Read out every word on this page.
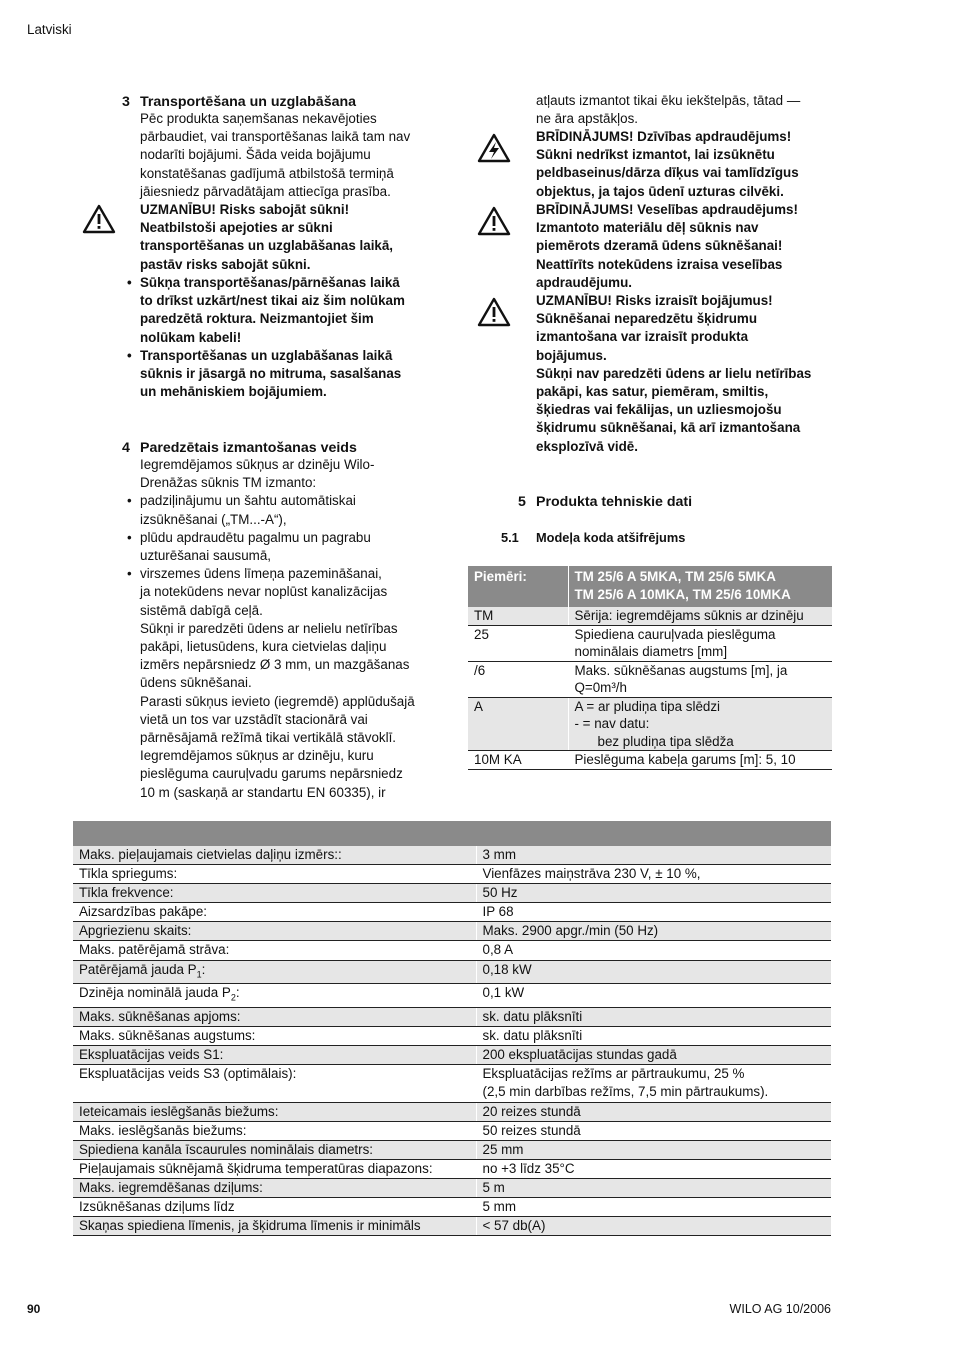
Latviski
3 Transportēšana un uzglabāšana
Pēc produkta saņemšanas nekavējoties
pārbaudiet, vai transportēšanas laikā tam nav
nodarīti bojājumi. Šāda veida bojājumu
konstatēšanas gadījumā atbilstošā termiņā
jāiesniedz pārvadātājam attiecīga prasība.
UZMANĪBU! Risks sabojāt sūkni!
Neatbilstoši apejoties ar sūkni
transportēšanas un uzglabāšanas laikā,
pastāv risks sabojāt sūkni.
• Sūkņa transportēšanas/pārnēšanas laikā
to drīkst uzkārt/nest tikai aiz šim nolūkam
paredzētā roktura. Neizmantojiet šim
nolūkam kabeli!
• Transportēšanas un uzglabāšanas laikā
sūknis ir jāsargā no mitruma, sasalšanas
un mehāniskiem bojājumiem.
4 Paredzētais izmantošanas veids
Iegremdējamos sūkņus ar dzinēju Wilo-
Drenāžas sūknis TM izmanto:
• padziļinājumu un šahtu automātiskai
izsūknēšanai („TM...-A“),
• plūdu apdraudētu pagalmu un pagrabu
uzturēšanai sausumā,
• virszemes ūdens līmeņa pazemināšanai,
ja notekūdens nevar noplūst kanalizācijas
sistēmā dabīgā ceļā.
Sūkņi ir paredzēti ūdens ar nelielu netīrības
pakāpi, lietusūdens, kura cietvielas daļiņu
izmērs nepārsniedz Ø 3 mm, un mazgāšanas
ūdens sūknēšanai.
Parasti sūkņus ievieto (iegremdē) applūdušajā
vietā un tos var uzstādīt stacionārā vai
pārnēsājamā režīmā tikai vertikālā stāvoklī.
Iegremdējamos sūkņus ar dzinēju, kuru
pieslēguma cauruļvadu garums nepārsniedz
10 m (saskaņā ar standartu EN 60335), ir
atļauts izmantot tikai ēku iekštelpās, tātad —
ne āra apstākļos.
BRĪDINĀJUMS! Dzīvības apdraudējums!
Sūkni nedrīkst izmantot, lai izsūknētu
peldbaseinus/dārza dīķus vai tamlīdzīgus
objektus, ja tajos ūdenī uzturas cilvēki.
BRĪDINĀJUMS! Veselības apdraudējums!
Izmantoto materiālu dēļ sūknis nav
piemērots dzeramā ūdens sūknēšanai!
Neattīrīts notekūdens izraisa veselības
apdraudējumu.
UZMANĪBU! Risks izraisīt bojājumus!
Sūknēšanai neparedzētu šķidrumu
izmantošana var izraisīt produkta
bojājumus.
Sūkņi nav paredzēti ūdens ar lielu netīrības
pakāpi, kas satur, piemēram, smiltis,
šķiedras vai fekālijas, un uzliesmojošu
šķidrumu sūknēšanai, kā arī izmantošana
eksplozīvā vidē.
5 Produkta tehniskie dati
5.1 Modeļa koda atšifrējums
Piemēri:	TM 25/6 A 5MKA, TM 25/6 5MKA
TM 25/6 A 10MKA, TM 25/6 10MKA

TM	Sērija: iegremdējams sūknis ar dzinēju

25	Spiediena cauruļvada pieslēguma
nominālais diametrs [mm]

/6	Maks. sūknēšanas augstums [m], ja
Q=0m³/h

A	A = ar pludiņa tipa slēdzi
- = nav datu:
bez pludiņa tipa slēdža

10M KA	Pieslēguma kabeļa garums [m]: 5, 10
Maks. pieļaujamais cietvielas daļiņu izmērs::	3 mm

Tīkla spriegums:	Vienfāzes maiņstrāva 230 V, ± 10 %,

Tīkla frekvence:	50 Hz

Aizsardzības pakāpe:	IP 68

Apgriezienu skaits:	Maks. 2900 apgr./min (50 Hz)

Maks. patērējamā strāva:	0,8 A

Patērējamā jauda $P_1$:	0,18 kW

Dzinēja nominālā jauda $P_2$:	0,1 kW

Maks. sūknēšanas apjoms:	sk. datu plāksnīti

Maks. sūknēšanas augstums:	sk. datu plāksnīti

Ekspluatācijas veids S1:	200 ekspluatācijas stundas gadā

Ekspluatācijas veids S3 (optimālais):	Ekspluatācijas režīms ar pārtraukumu, 25 %
(2,5 min darbības režīms, 7,5 min pārtraukums).

Ieteicamais ieslēgšanās biežums:	20 reizes stundā

Maks. ieslēgšanās biežums:	50 reizes stundā

Spiediena kanāla īscaurules nominālais diametrs:	25 mm

Pieļaujamais sūknējamā šķidruma temperatūras diapazons:	no +3 līdz 35°C

Maks. iegremdēšanas dziļums:	5 m

Izsūknēšanas dziļums līdz	5 mm

Skaņas spiediena līmenis, ja šķidruma līmenis ir minimāls	< 57 db(A)
90	WILO AG 10/2006
